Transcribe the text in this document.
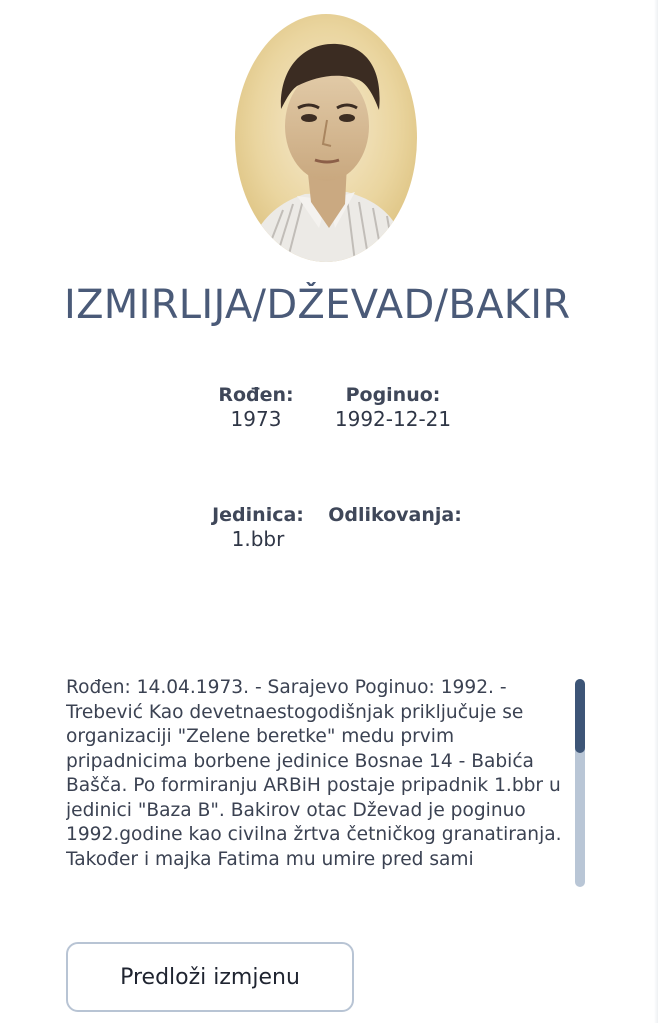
IZMIRLIJA/DŽEVAD/BAKIR
Rođen:
1973
Poginuo:
1992-12-21
Jedinica:
1.bbr
Odlikovanja:

Rođen: 14.04.1973. - Sarajevo Poginuo: 1992. - Trebević Kao devetnaestogodišnjak priključuje se organizaciji "Zelene beretke" medu prvim pripadnicima borbene jedinice Bosnae 14 - Babića Bašča. Po formiranju ARBiH postaje pripadnik 1.bbr u jedinici "Baza B". Bakirov otac Dževad je poginuo 1992.godine kao civilna žrtva četničkog granatiranja. Također i majka Fatima mu umire pred sami

Predloži izmjenu
